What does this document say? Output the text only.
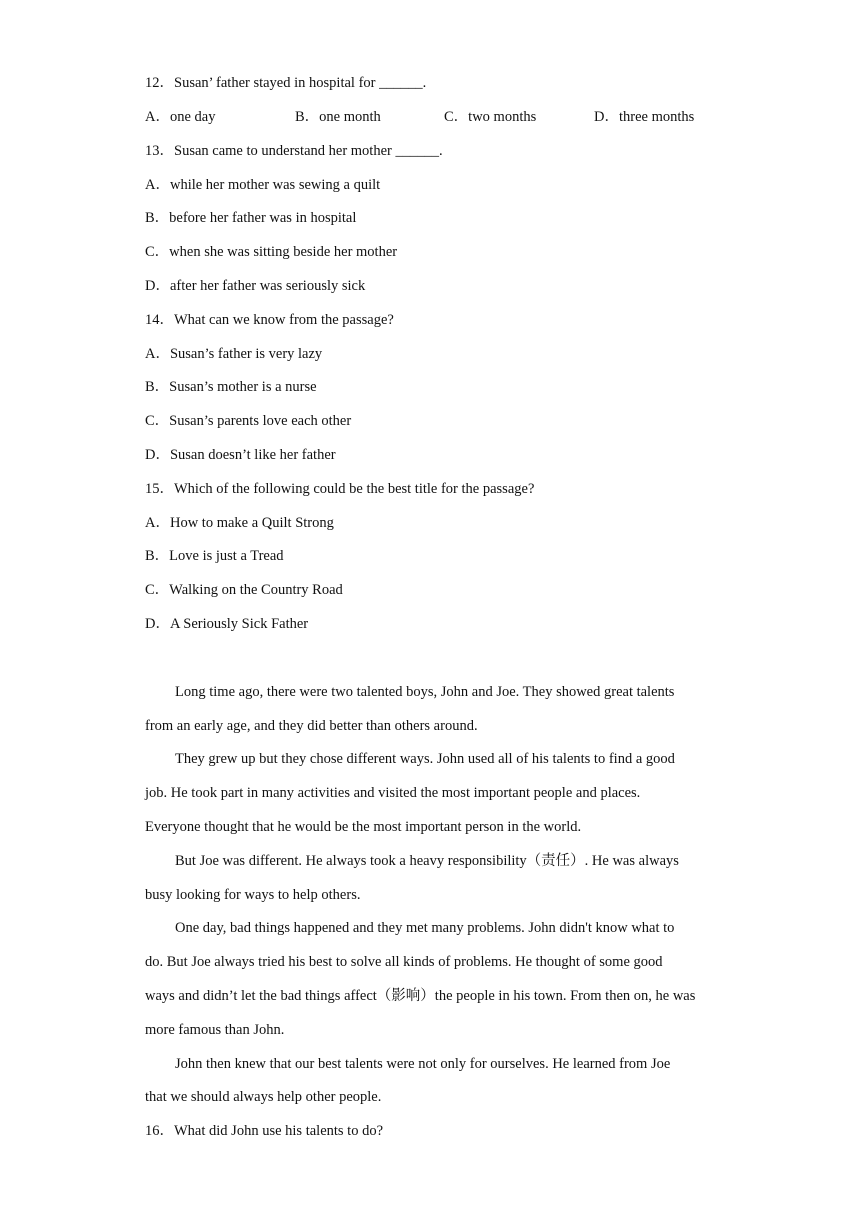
12．Susan’ father stayed in hospital for ______.
A．one day	B．one month	C．two months	D．three months
13．Susan came to understand her mother ______.
A．while her mother was sewing a quilt
B．before her father was in hospital
C．when she was sitting beside her mother
D．after her father was seriously sick
14．What can we know from the passage?
A．Susan’s father is very lazy
B．Susan’s mother is a nurse
C．Susan’s parents love each other
D．Susan doesn’t like her father
15．Which of the following could be the best title for the passage?
A．How to make a Quilt Strong
B．Love is just a Tread
C．Walking on the Country Road
D．A Seriously Sick Father
Long time ago, there were two talented boys, John and Joe. They showed great talents
from an early age, and they did better than others around.
They grew up but they chose different ways. John used all of his talents to find a good
job. He took part in many activities and visited the most important people and places.
Everyone thought that he would be the most important person in the world.
But Joe was different. He always took a heavy responsibility（责任）. He was always
busy looking for ways to help others.
One day, bad things happened and they met many problems. John didn't know what to
do. But Joe always tried his best to solve all kinds of problems. He thought of some good
ways and didn’t let the bad things affect（影响）the people in his town. From then on, he was
more famous than John.
John then knew that our best talents were not only for ourselves. He learned from Joe
that we should always help other people.
16．What did John use his talents to do?
